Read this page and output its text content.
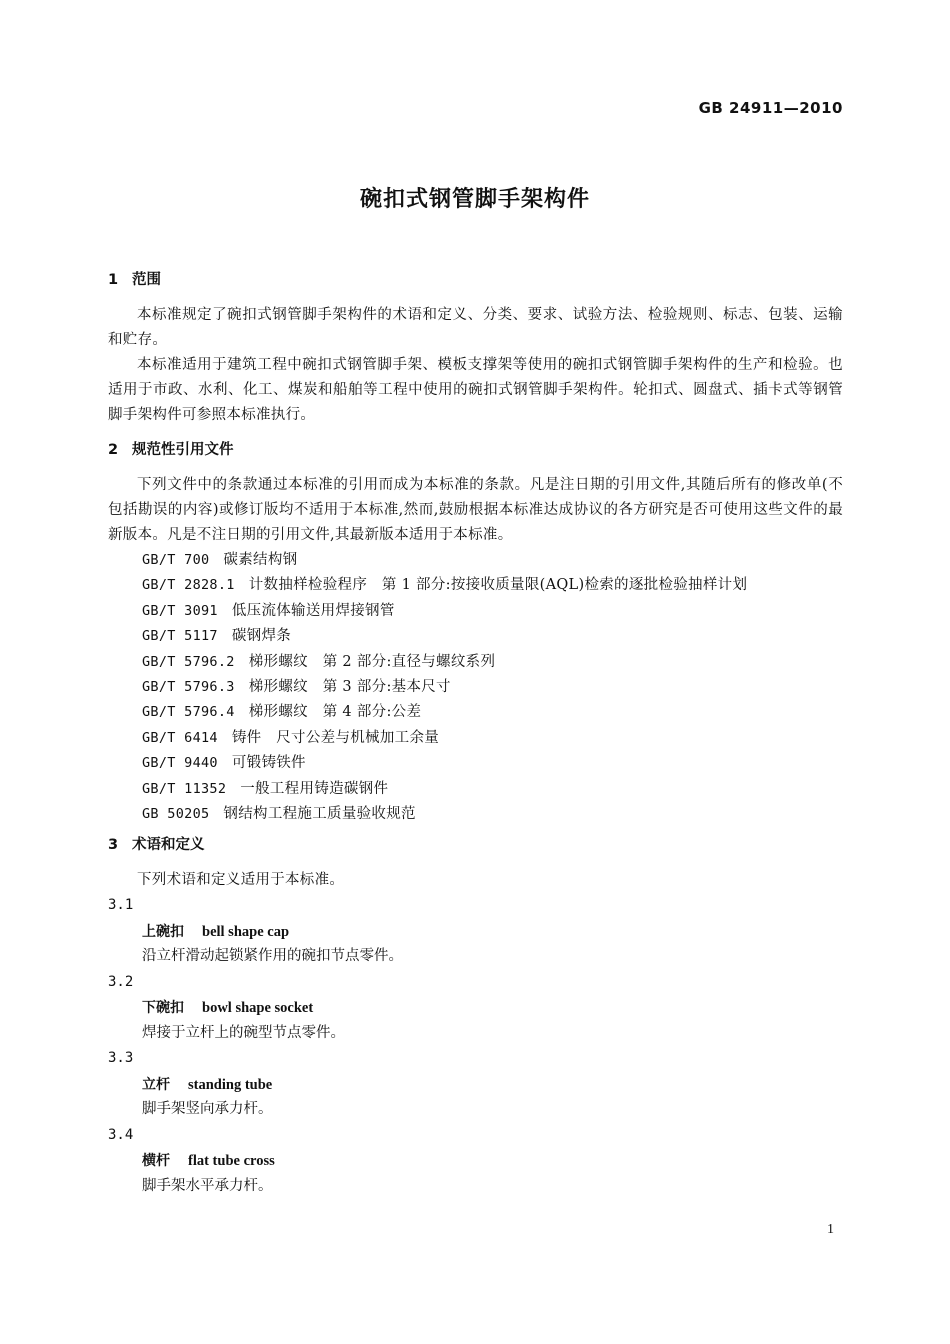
GB 24911—2010
碗扣式钢管脚手架构件
1 范围

本标准规定了碗扣式钢管脚手架构件的术语和定义、分类、要求、试验方法、检验规则、标志、包装、运输和贮存。

本标准适用于建筑工程中碗扣式钢管脚手架、模板支撑架等使用的碗扣式钢管脚手架构件的生产和检验。也适用于市政、水利、化工、煤炭和船舶等工程中使用的碗扣式钢管脚手架构件。轮扣式、圆盘式、插卡式等钢管脚手架构件可参照本标准执行。

2 规范性引用文件

下列文件中的条款通过本标准的引用而成为本标准的条款。凡是注日期的引用文件,其随后所有的修改单(不包括勘误的内容)或修订版均不适用于本标准,然而,鼓励根据本标准达成协议的各方研究是否可使用这些文件的最新版本。凡是不注日期的引用文件,其最新版本适用于本标准。

GB/T 700 碳素结构钢
GB/T 2828.1 计数抽样检验程序　第 1 部分:按接收质量限(AQL)检索的逐批检验抽样计划
GB/T 3091 低压流体输送用焊接钢管
GB/T 5117 碳钢焊条
GB/T 5796.2 梯形螺纹　第 2 部分:直径与螺纹系列
GB/T 5796.3 梯形螺纹　第 3 部分:基本尺寸
GB/T 5796.4 梯形螺纹　第 4 部分:公差
GB/T 6414 铸件　尺寸公差与机械加工余量
GB/T 9440 可锻铸铁件
GB/T 11352 一般工程用铸造碳钢件
GB 50205 钢结构工程施工质量验收规范
3 术语和定义

下列术语和定义适用于本标准。

3.1
上碗扣 bell shape cap
沿立杆滑动起锁紧作用的碗扣节点零件。
3.2
下碗扣 bowl shape socket
焊接于立杆上的碗型节点零件。
3.3
立杆 standing tube
脚手架竖向承力杆。
3.4
横杆 flat tube cross
脚手架水平承力杆。
1
